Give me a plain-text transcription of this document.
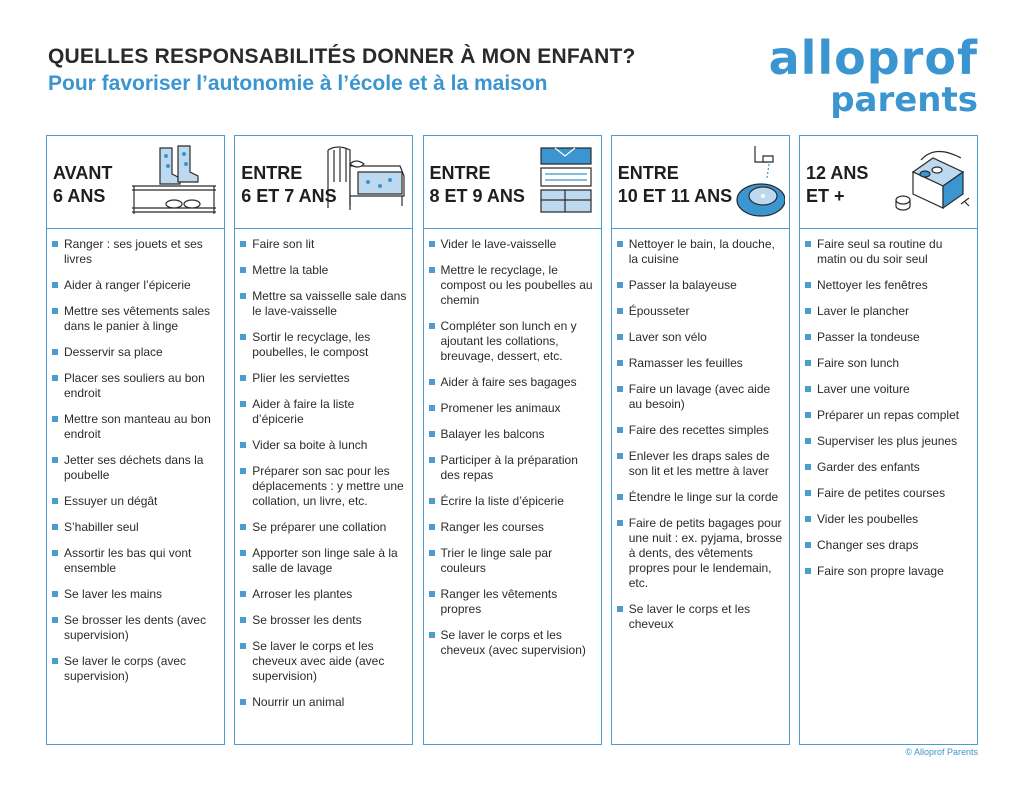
QUELLES RESPONSABILITÉS DONNER À MON ENFANT?
Pour favoriser l’autonomie à l’école et à la maison	alloprof
parents
AVANT
6 ANS
Ranger : ses jouets et ses livres
Aider à ranger l’épicerie
Mettre ses vêtements sales dans le panier à linge
Desservir sa place
Placer ses souliers au bon endroit
Mettre son manteau au bon endroit
Jetter ses déchets dans la poubelle
Essuyer un dégât
S’habiller seul
Assortir les bas qui vont ensemble
Se laver les mains
Se brosser les dents (avec supervision)
Se laver le corps (avec supervision)
ENTRE
6 ET 7 ANS
Faire son lit
Mettre la table
Mettre sa vaisselle sale dans le lave-vaisselle
Sortir le recyclage, les poubelles, le compost
Plier les serviettes
Aider à faire la liste d’épicerie
Vider sa boite à lunch
Préparer son sac pour les déplacements : y mettre une collation, un livre, etc.
Se préparer une collation
Apporter son linge sale à la salle de lavage
Arroser les plantes
Se brosser les dents
Se laver le corps et les cheveux avec aide (avec supervision)
Nourrir un animal
ENTRE
8 ET 9 ANS
Vider le lave-vaisselle
Mettre le recyclage, le compost ou les poubelles au chemin
Compléter son lunch en y ajoutant les collations, breuvage, dessert, etc.
Aider à faire ses bagages
Promener les animaux
Balayer les balcons
Participer à la préparation des repas
Écrire la liste d’épicerie
Ranger les courses
Trier le linge sale par couleurs
Ranger les vêtements propres
Se laver le corps et les cheveux (avec supervision)
ENTRE
10 ET 11 ANS
Nettoyer le bain, la douche, la cuisine
Passer la balayeuse
Épousseter
Laver son vélo
Ramasser les feuilles
Faire un lavage (avec aide au besoin)
Faire des recettes simples
Enlever les draps sales de son lit et les mettre à laver
Étendre le linge sur la corde
Faire de petits bagages pour une nuit : ex. pyjama, brosse à dents, des vêtements propres pour le lendemain, etc.
Se laver le corps et les cheveux
12 ANS
ET +
Faire seul sa routine du matin ou du soir seul
Nettoyer les fenêtres
Laver le plancher
Passer la tondeuse
Faire son lunch
Laver une voiture
Préparer un repas complet
Superviser les plus jeunes
Garder des enfants
Faire de petites courses
Vider les poubelles
Changer ses draps
Faire son propre lavage
© Alloprof Parents
